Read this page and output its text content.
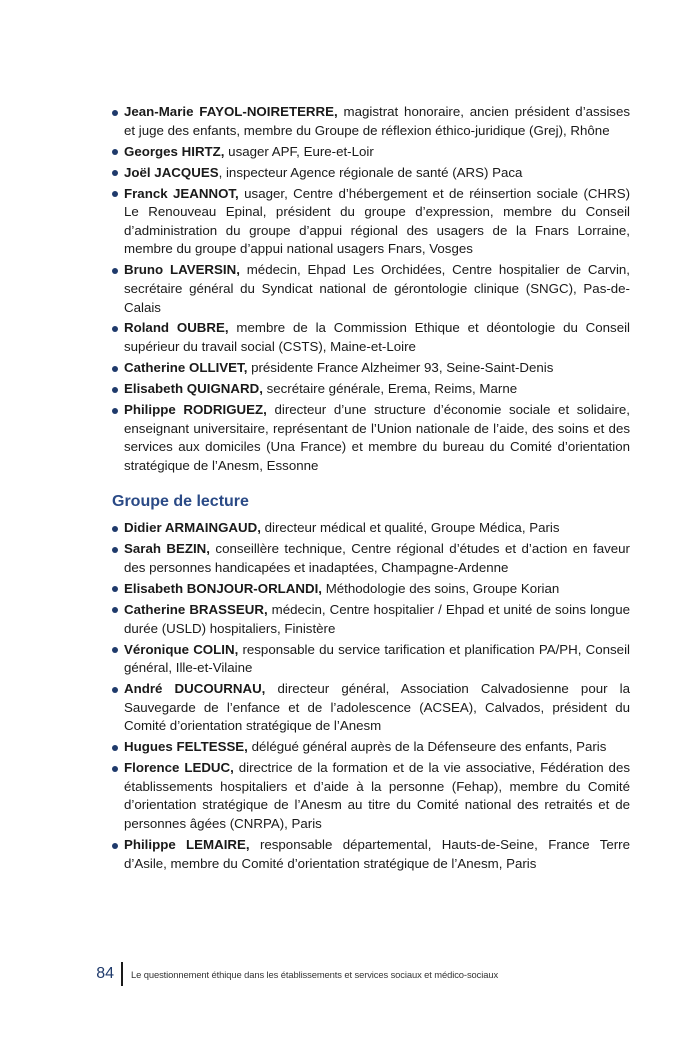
Jean-Marie FAYOL-NOIRETERRE, magistrat honoraire, ancien président d’assises et juge des enfants, membre du Groupe de réflexion éthico-juridique (Grej), Rhône
Georges HIRTZ, usager APF, Eure-et-Loir
Joël JACQUES, inspecteur Agence régionale de santé (ARS) Paca
Franck JEANNOT, usager, Centre d’hébergement et de réinsertion sociale (CHRS) Le Renouveau Epinal, président du groupe d’expression, membre du Conseil d’administration du groupe d’appui régional des usagers de la Fnars Lorraine, membre du groupe d’appui national usagers Fnars, Vosges
Bruno LAVERSIN, médecin, Ehpad Les Orchidées, Centre hospitalier de Carvin, secrétaire général du Syndicat national de gérontologie clinique (SNGC), Pas-de-Calais
Roland OUBRE, membre de la Commission Ethique et déontologie du Conseil supérieur du travail social (CSTS), Maine-et-Loire
Catherine OLLIVET, présidente France Alzheimer 93, Seine-Saint-Denis
Elisabeth QUIGNARD, secrétaire générale, Erema, Reims, Marne
Philippe RODRIGUEZ, directeur d’une structure d’économie sociale et solidaire, enseignant universitaire, représentant de l’Union nationale de l’aide, des soins et des services aux domiciles (Una France) et membre du bureau du Comité d’orientation stratégique de l’Anesm, Essonne
Groupe de lecture
Didier ARMAINGAUD, directeur médical et qualité, Groupe Médica, Paris
Sarah BEZIN, conseillère technique, Centre régional d’études et d’action en faveur des personnes handicapées et inadaptées, Champagne-Ardenne
Elisabeth BONJOUR-ORLANDI, Méthodologie des soins, Groupe Korian
Catherine BRASSEUR, médecin, Centre hospitalier / Ehpad et unité de soins longue durée (USLD) hospitaliers, Finistère
Véronique COLIN, responsable du service tarification et planification PA/PH, Conseil général, Ille-et-Vilaine
André DUCOURNAU, directeur général, Association Calvadosienne pour la Sauvegarde de l’enfance et de l’adolescence (ACSEA), Calvados, président du Comité d’orientation stratégique de l’Anesm
Hugues FELTESSE, délégué général auprès de la Défenseure des enfants, Paris
Florence LEDUC, directrice de la formation et de la vie associative, Fédération des établissements hospitaliers et d’aide à la personne (Fehap), membre du Comité d’orientation stratégique de l’Anesm au titre du Comité national des retraités et de personnes âgées (CNRPA), Paris
Philippe LEMAIRE, responsable départemental, Hauts-de-Seine, France Terre d’Asile, membre du Comité d’orientation stratégique de l’Anesm, Paris
84 Le questionnement éthique dans les établissements et services sociaux et médico-sociaux
